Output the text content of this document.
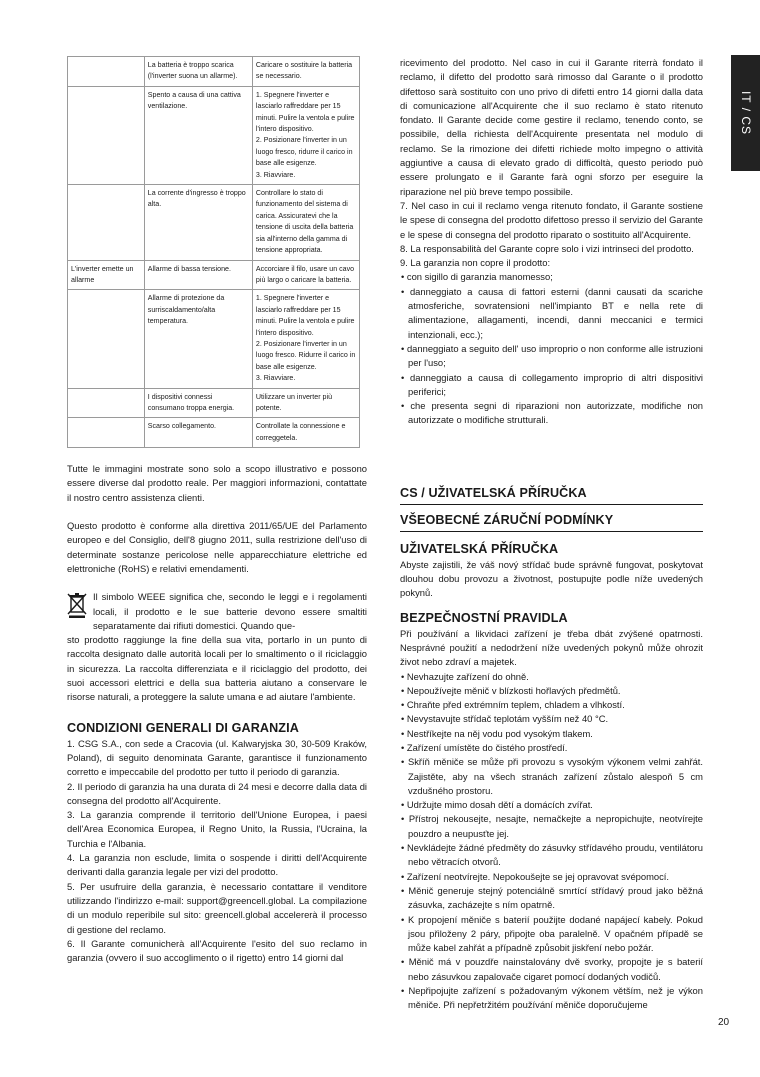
IT / CS
	La batteria è troppo scarica (l'inverter suona un allarme).	Caricare o sostituire la batteria se necessario.
	Spento a causa di una cattiva ventilazione.	1. Spegnere l'inverter e lasciarlo raffreddare per 15 minuti. Pulire la ventola e pulire l'intero dispositivo.
2. Posizionare l'inverter in un luogo fresco, ridurre il carico in base alle esigenze.
3. Riavviare.
	La corrente d'ingresso è troppo alta.	Controllare lo stato di funzionamento del sistema di carica. Assicuratevi che la tensione di uscita della batteria sia all'interno della gamma di tensione appropriata.
L'inverter emette un allarme	Allarme di bassa tensione.	Accorciare il filo, usare un cavo più largo o caricare la batteria.
	Allarme di protezione da surriscaldamento/alta temperatura.	1. Spegnere l'inverter e lasciarlo raffreddare per 15 minuti. Pulire la ventola e pulire l'intero dispositivo.
2. Posizionare l'inverter in un luogo fresco. Ridurre il carico in base alle esigenze.
3. Riavviare.
	I dispositivi connessi consumano troppa energia.	Utilizzare un inverter più potente.
	Scarso collegamento.	Controllate la connessione e correggetela.

Tutte le immagini mostrate sono solo a scopo illustrativo e possono essere diverse dal prodotto reale. Per maggiori informazioni, contattate il nostro centro assistenza clienti.

Questo prodotto è conforme alla direttiva 2011/65/UE del Parlamento europeo e del Consiglio, dell'8 giugno 2011, sulla restrizione dell'uso di determinate sostanze pericolose nelle apparecchiature elettriche ed elettroniche (RoHS) e relativi emendamenti.

Il simbolo WEEE significa che, secondo le leggi e i regolamenti locali, il prodotto e le sue batterie devono essere smaltiti separatamente dai rifiuti domestici. Quando que-

sto prodotto raggiunge la fine della sua vita, portarlo in un punto di raccolta designato dalle autorità locali per lo smaltimento o il riciclaggio in sicurezza. La raccolta differenziata e il riciclaggio del prodotto, dei suoi accessori elettrici e della sua batteria aiutano a conservare le risorse naturali, a proteggere la salute umana e ad aiutare l'ambiente.

CONDIZIONI GENERALI DI GARANZIA

1. CSG S.A., con sede a Cracovia (ul. Kalwaryjska 30, 30-509 Kraków, Poland), di seguito denominata Garante, garantisce il funzionamento corretto e impeccabile del prodotto per tutto il periodo di garanzia.

2. Il periodo di garanzia ha una durata di 24 mesi e decorre dalla data di consegna del prodotto all'Acquirente.

3. La garanzia comprende il territorio dell'Unione Europea, i paesi dell'Area Economica Europea, il Regno Unito, la Russia, l'Ucraina, la Turchia e l'Albania.

4. La garanzia non esclude, limita o sospende i diritti dell'Acquirente derivanti dalla garanzia legale per vizi del prodotto.

5. Per usufruire della garanzia, è necessario contattare il venditore utilizzando l'indirizzo e-mail: support@greencell.global. La compilazione di un modulo reperibile sul sito: greencell.global accelererà il processo di gestione del reclamo.

6. Il Garante comunicherà all'Acquirente l'esito del suo reclamo in garanzia (ovvero il suo accoglimento o il rigetto) entro 14 giorni dal

ricevimento del prodotto. Nel caso in cui il Garante riterrà fondato il reclamo, il difetto del prodotto sarà rimosso dal Garante o il prodotto difettoso sarà sostituito con uno privo di difetti entro 14 giorni dalla data di comunicazione all'Acquirente che il suo reclamo è stato ritenuto fondato. Il Garante decide come gestire il reclamo, tenendo conto, se possibile, della richiesta dell'Acquirente presentata nel modulo di reclamo. Se la rimozione dei difetti richiede molto impegno o attività aggiuntive a causa di elevato grado di difficoltà, questo periodo può essere prolungato e il Garante farà ogni sforzo per eseguire la riparazione nel più breve tempo possibile.

7. Nel caso in cui il reclamo venga ritenuto fondato, il Garante sostiene le spese di consegna del prodotto difettoso presso il servizio del Garante e le spese di consegna del prodotto riparato o sostituito all'Acquirente.

8. La responsabilità del Garante copre solo i vizi intrinseci del prodotto.

9. La garanzia non copre il prodotto:

• con sigillo di garanzia manomesso;

• danneggiato a causa di fattori esterni (danni causati da scariche atmosferiche, sovratensioni nell'impianto BT e nella rete di alimentazione, allagamenti, incendi, danni meccanici e termici intenzionali, ecc.);

• danneggiato a seguito dell' uso improprio o non conforme alle istruzioni per l'uso;

• danneggiato a causa di collegamento improprio di altri dispositivi periferici;

• che presenta segni di riparazioni non autorizzate, modifiche non autorizzate o modifiche strutturali.

CS / UŽIVATELSKÁ PŘÍRUČKA
VŠEOBECNÉ ZÁRUČNÍ PODMÍNKY
UŽIVATELSKÁ PŘÍRUČKA

Abyste zajistili, že váš nový střídač bude správně fungovat, poskytovat dlouhou dobu provozu a životnost, postupujte podle níže uvedených pokynů.

BEZPEČNOSTNÍ PRAVIDLA

Při používání a likvidaci zařízení je třeba dbát zvýšené opatrnosti. Nesprávné použití a nedodržení níže uvedených pokynů může ohrozit život nebo zdraví a majetek.

• Nevhazujte zařízení do ohně.

• Nepoužívejte měnič v blízkosti hořlavých předmětů.

• Chraňte před extrémním teplem, chladem a vlhkostí.

• Nevystavujte střídač teplotám vyšším než 40 °C.

• Nestříkejte na něj vodu pod vysokým tlakem.

• Zařízení umístěte do čistého prostředí.

• Skříň měniče se může při provozu s vysokým výkonem velmi zahřát. Zajistěte, aby na všech stranách zařízení zůstalo alespoň 5 cm vzdušného prostoru.

• Udržujte mimo dosah dětí a domácích zvířat.

• Přístroj nekousejte, nesajte, nemačkejte a nepropichujte, neotvírejte pouzdro a neupusťte jej.

• Nevkládejte žádné předměty do zásuvky střídavého proudu, ventilátoru nebo větracích otvorů.

• Zařízení neotvírejte. Nepokoušejte se jej opravovat svépomocí.

• Měnič generuje stejný potenciálně smrtící střídavý proud jako běžná zásuvka, zacházejte s ním opatrně.

• K propojení měniče s baterií použijte dodané napájecí kabely. Pokud jsou přiloženy 2 páry, připojte oba paralelně. V opačném případě se může kabel zahřát a případně způsobit jiskření nebo požár.

• Měnič má v pouzdře nainstalovány dvě svorky, propojte je s baterií nebo zásuvkou zapalovače cigaret pomocí dodaných vodičů.

• Nepřipojujte zařízení s požadovaným výkonem větším, než je výkon měniče. Při nepřetržitém používání měniče doporučujeme

20
